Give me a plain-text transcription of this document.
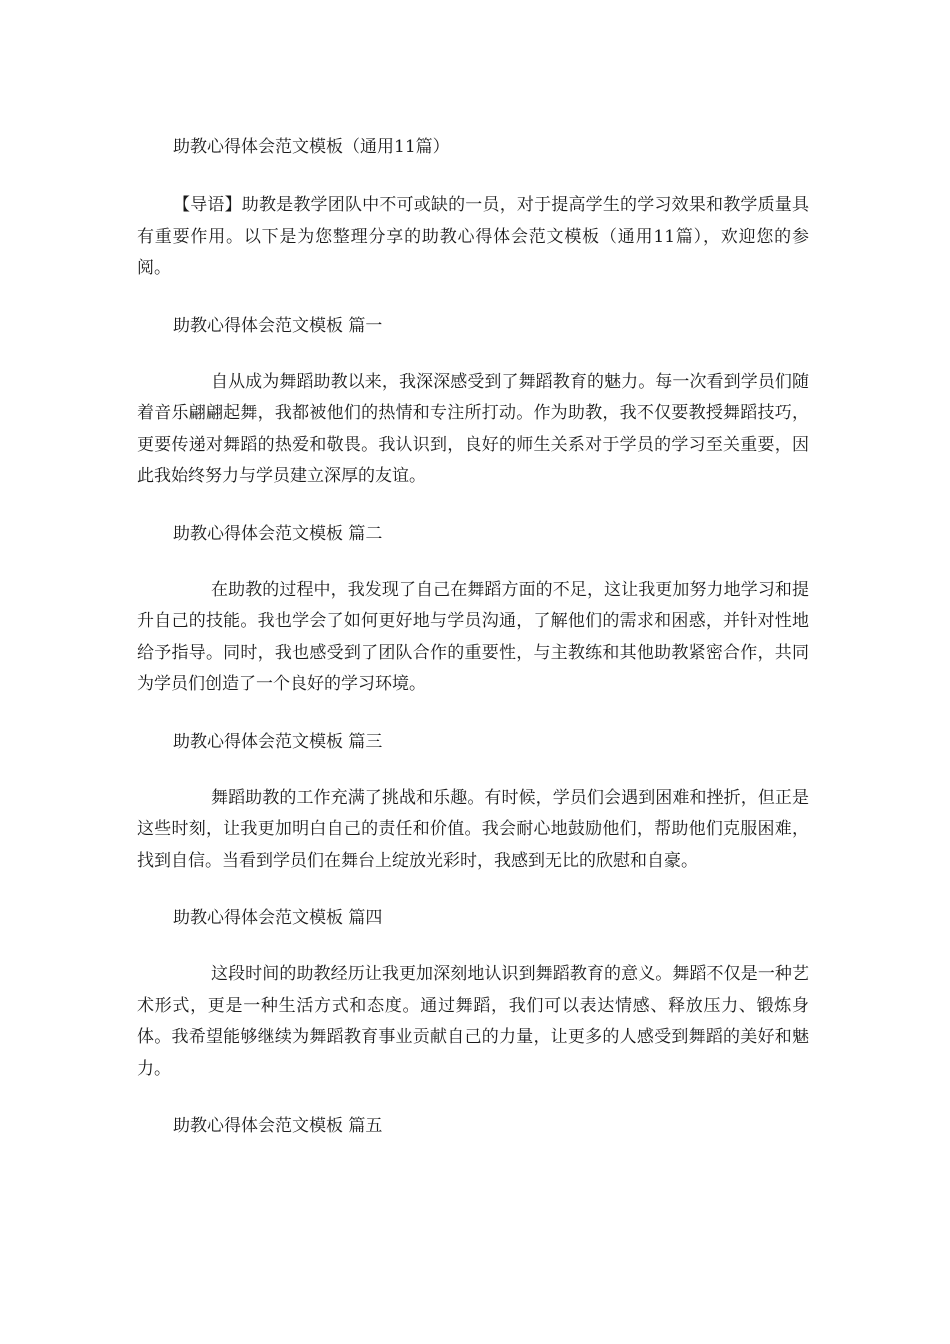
助教心得体会范文模板（通用11篇）

【导语】助教是教学团队中不可或缺的一员，对于提高学生的学习效果和教学质量具有重要作用。以下是为您整理分享的助教心得体会范文模板（通用11篇），欢迎您的参阅。

助教心得体会范文模板 篇一

自从成为舞蹈助教以来，我深深感受到了舞蹈教育的魅力。每一次看到学员们随着音乐翩翩起舞，我都被他们的热情和专注所打动。作为助教，我不仅要教授舞蹈技巧，更要传递对舞蹈的热爱和敬畏。我认识到，良好的师生关系对于学员的学习至关重要，因此我始终努力与学员建立深厚的友谊。

助教心得体会范文模板 篇二

在助教的过程中，我发现了自己在舞蹈方面的不足，这让我更加努力地学习和提升自己的技能。我也学会了如何更好地与学员沟通，了解他们的需求和困惑，并针对性地给予指导。同时，我也感受到了团队合作的重要性，与主教练和其他助教紧密合作，共同为学员们创造了一个良好的学习环境。

助教心得体会范文模板 篇三

舞蹈助教的工作充满了挑战和乐趣。有时候，学员们会遇到困难和挫折，但正是这些时刻，让我更加明白自己的责任和价值。我会耐心地鼓励他们，帮助他们克服困难，找到自信。当看到学员们在舞台上绽放光彩时，我感到无比的欣慰和自豪。

助教心得体会范文模板 篇四

这段时间的助教经历让我更加深刻地认识到舞蹈教育的意义。舞蹈不仅是一种艺术形式，更是一种生活方式和态度。通过舞蹈，我们可以表达情感、释放压力、锻炼身体。我希望能够继续为舞蹈教育事业贡献自己的力量，让更多的人感受到舞蹈的美好和魅力。

助教心得体会范文模板 篇五
